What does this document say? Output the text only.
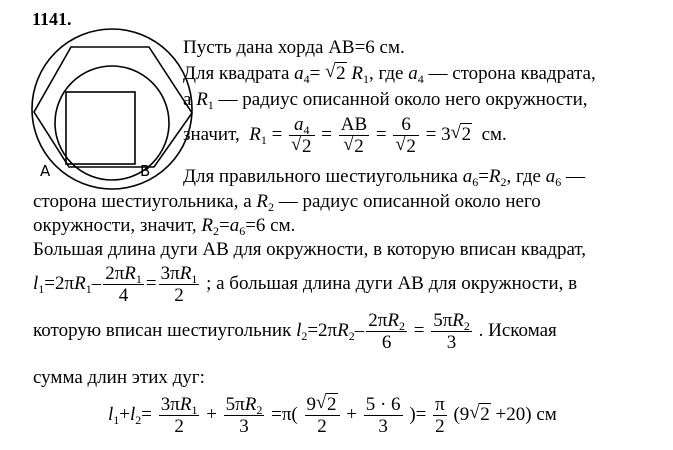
1141.
A	B
Пусть дана хорда АВ=6 см.
Для квадрата $a_4=$ √ 2 $R_1$, где $a_4$ — сторона квадрата,
а $R_1$ — радиус описанной около него окружности,
значит, $R_1 = a_4$
√ 2 = AB
√ 2 = 6
√ 2 = 3√ 2 см.
Для правильного шестиугольника $a_6=R_2$, где $a_6$ —
сторона шестиугольника, а $R_2$ — радиус описанной около него
окружности, значит, $R_2=a_6=6$ см.
Большая длина дуги АВ для окружности, в которую вписан квадрат,
$l_1=2\pi R_1- \frac{2\pi R_1}{4} = \frac{3\pi R_1}{2}$ ; а большая длина дуги АВ для окружности, в
которую вписан шестиугольник $l_2=2\pi R_2- \frac{2\pi R_2}{6} = \frac{5\pi R_2}{3}$ . Искомая
сумма длин этих дуг:
$l_1+l_2= \frac{3\pi R_1}{2} + \frac{5\pi R_2}{3} =\pi( \frac{9√ 2}{2} + \frac{5 \cdot 6}{3}$ )= $\frac{\pi}{2} (9√$ 2 +20) см
